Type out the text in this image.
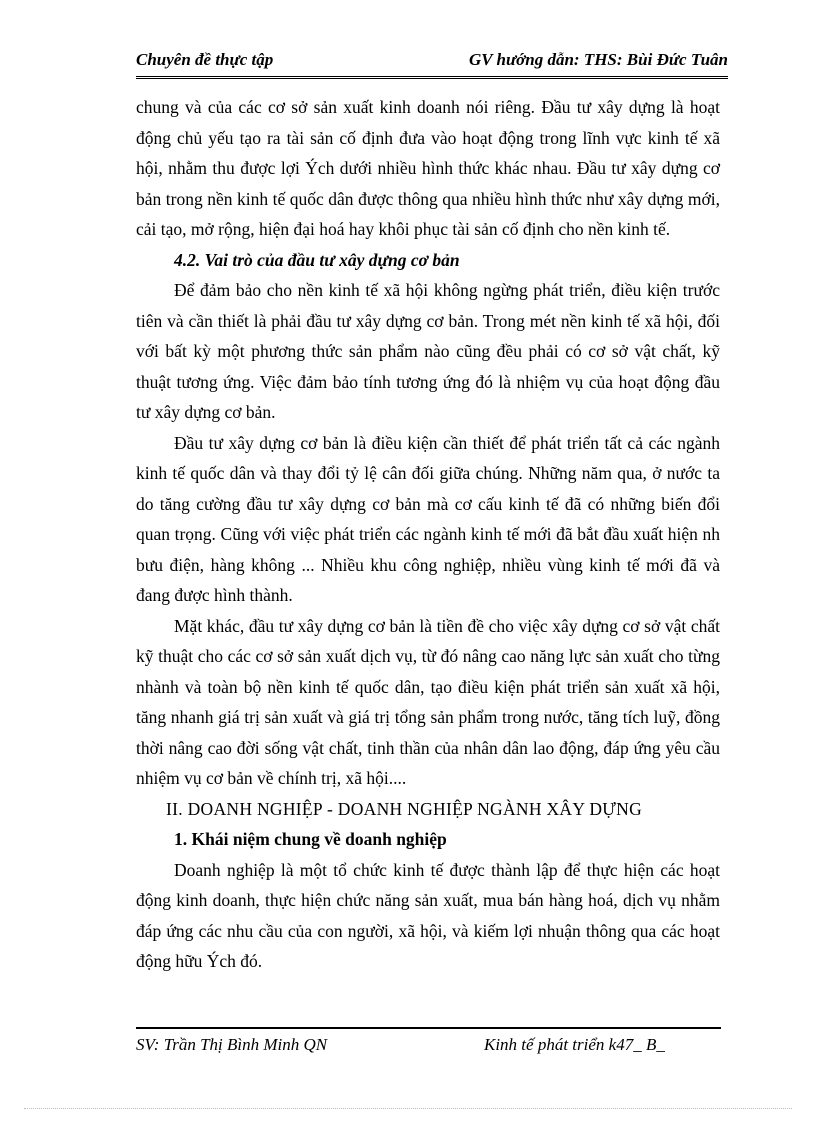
Chuyên đề thực tập	GV hướng dẫn: THS: Bùi Đức Tuân

chung và của các cơ sở sản xuất kinh doanh nói riêng. Đầu tư xây dựng là hoạt động chủ yếu tạo ra tài sản cố định đưa vào hoạt động trong lĩnh vực kinh tế xã hội, nhằm thu được lợi Ých dưới nhiều hình thức khác nhau. Đầu tư xây dựng cơ bản trong nền kinh tế quốc dân được thông qua nhiều hình thức như xây dựng mới, cải tạo, mở rộng, hiện đại hoá hay khôi phục tài sản cố định cho nền kinh tế.

4.2. Vai trò của đầu tư xây dựng cơ bản

Để đảm bảo cho nền kinh tế xã hội không ngừng phát triển, điều kiện trước tiên và cần thiết là phải đầu tư xây dựng cơ bản. Trong mét nền kinh tế xã hội, đối với bất kỳ một phương thức sản phẩm nào cũng đều phải có cơ sở vật chất, kỹ thuật tương ứng. Việc đảm bảo tính tương ứng đó là nhiệm vụ của hoạt động đầu tư xây dựng cơ bản.

Đầu tư xây dựng cơ bản là điều kiện cần thiết để phát triển tất cả các ngành kinh tế quốc dân và thay đổi tỷ lệ cân đối giữa chúng. Những năm qua, ở nước ta do tăng cường đầu tư xây dựng cơ bản mà cơ cấu kinh tế đã có những biến đổi quan trọng. Cũng với việc phát triển các ngành kinh tế mới đã bắt đầu xuất hiện nh bưu điện, hàng không ... Nhiều khu công nghiệp, nhiều vùng kinh tế mới đã và đang được hình thành.

Mặt khác, đầu tư xây dựng cơ bản là tiền đề cho việc xây dựng cơ sở vật chất kỹ thuật cho các cơ sở sản xuất dịch vụ, từ đó nâng cao năng lực sản xuất cho từng nhành và toàn bộ nền kinh tế quốc dân, tạo điều kiện phát triển sản xuất xã hội, tăng nhanh giá trị sản xuất và giá trị tổng sản phẩm trong nước, tăng tích luỹ, đồng thời nâng cao đời sống vật chất, tinh thần của nhân dân lao động, đáp ứng yêu cầu nhiệm vụ cơ bản về chính trị, xã hội....

II. DOANH NGHIỆP - DOANH NGHIỆP NGÀNH XÂY DỰNG

1. Khái niệm chung về doanh nghiệp

Doanh nghiệp là một tổ chức kinh tế được thành lập để thực hiện các hoạt động kinh doanh, thực hiện chức năng sản xuất, mua bán hàng hoá, dịch vụ nhằm đáp ứng các nhu cầu của con người, xã hội, và kiếm lợi nhuận thông qua các hoạt động hữu Ých đó.

SV: Trần Thị Bình Minh QN	Kinh tế phát triển k47_ B_
